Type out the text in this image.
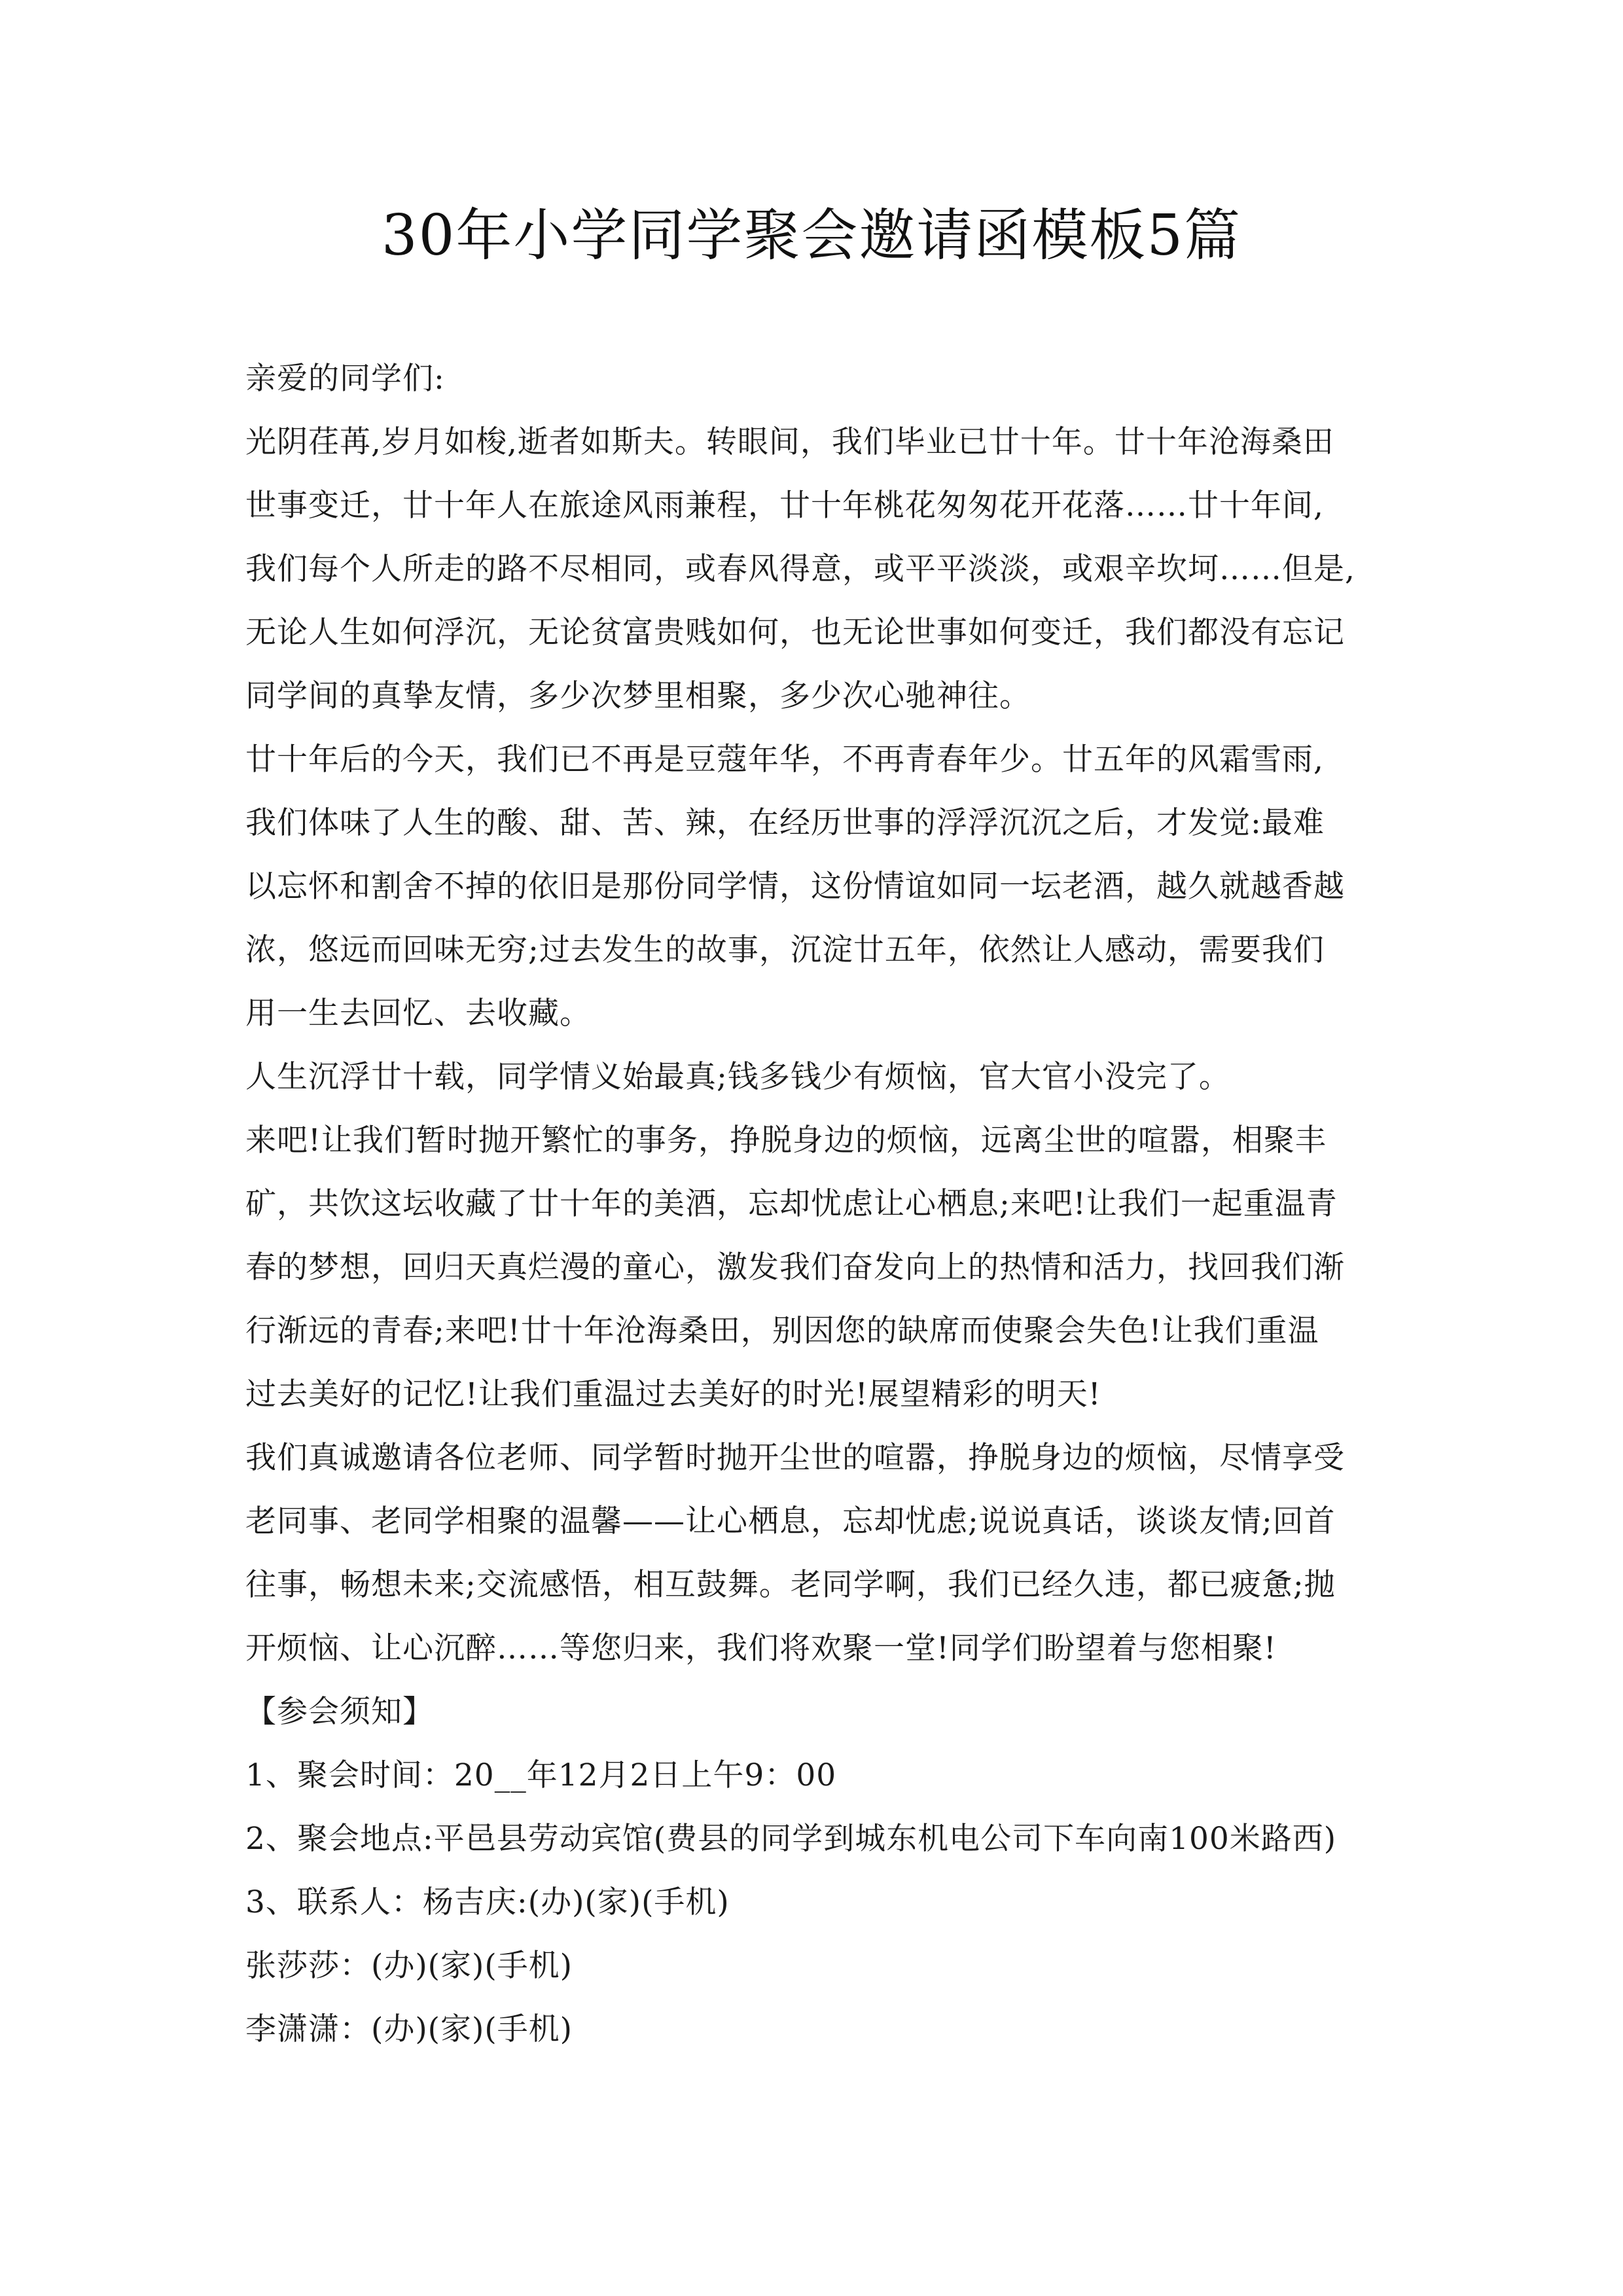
30年小学同学聚会邀请函模板5篇

亲爱的同学们:

光阴荏苒,岁月如梭,逝者如斯夫。转眼间，我们毕业已廿十年。廿十年沧海桑田

世事变迁，廿十年人在旅途风雨兼程，廿十年桃花匆匆花开花落……廿十年间,

我们每个人所走的路不尽相同，或春风得意，或平平淡淡，或艰辛坎坷……但是,

无论人生如何浮沉，无论贫富贵贱如何，也无论世事如何变迁，我们都没有忘记

同学间的真挚友情，多少次梦里相聚，多少次心驰神往。

廿十年后的今天，我们已不再是豆蔻年华，不再青春年少。廿五年的风霜雪雨,

我们体味了人生的酸、甜、苦、辣，在经历世事的浮浮沉沉之后，才发觉:最难

以忘怀和割舍不掉的依旧是那份同学情，这份情谊如同一坛老酒，越久就越香越

浓，悠远而回味无穷;过去发生的故事，沉淀廿五年，依然让人感动，需要我们

用一生去回忆、去收藏。

人生沉浮廿十载，同学情义始最真;钱多钱少有烦恼，官大官小没完了。

来吧!让我们暂时抛开繁忙的事务，挣脱身边的烦恼，远离尘世的喧嚣，相聚丰

矿，共饮这坛收藏了廿十年的美酒，忘却忧虑让心栖息;来吧!让我们一起重温青

春的梦想，回归天真烂漫的童心，激发我们奋发向上的热情和活力，找回我们渐

行渐远的青春;来吧!廿十年沧海桑田，别因您的缺席而使聚会失色!让我们重温

过去美好的记忆!让我们重温过去美好的时光!展望精彩的明天!

我们真诚邀请各位老师、同学暂时抛开尘世的喧嚣，挣脱身边的烦恼，尽情享受

老同事、老同学相聚的温馨——让心栖息，忘却忧虑;说说真话，谈谈友情;回首

往事，畅想未来;交流感悟，相互鼓舞。老同学啊，我们已经久违，都已疲惫;抛

开烦恼、让心沉醉……等您归来，我们将欢聚一堂!同学们盼望着与您相聚!

【参会须知】

1、聚会时间：20__年12月2日上午9：00

2、聚会地点:平邑县劳动宾馆(费县的同学到城东机电公司下车向南100米路西)

3、联系人：杨吉庆:(办)(家)(手机)

张莎莎：(办)(家)(手机)

李潇潇：(办)(家)(手机)
